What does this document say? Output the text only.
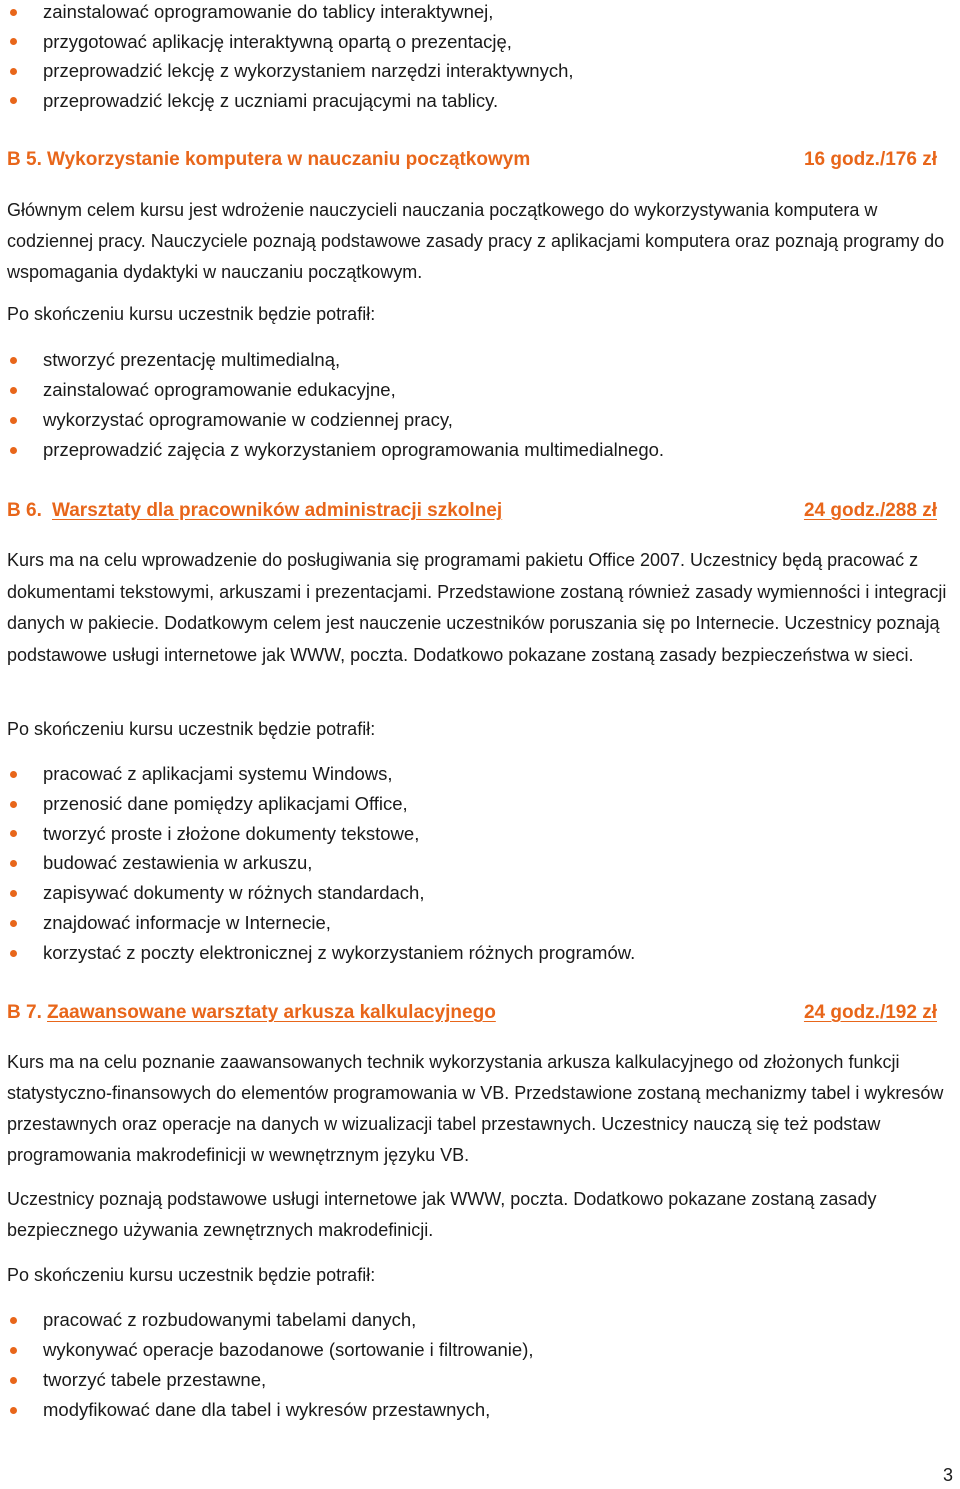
zainstalować oprogramowanie do tablicy interaktywnej,
przygotować aplikację interaktywną opartą o prezentację,
przeprowadzić lekcję z wykorzystaniem narzędzi interaktywnych,
przeprowadzić lekcję z uczniami pracującymi na tablicy.
B 5. Wykorzystanie komputera w nauczaniu początkowym	16 godz./176 zł

Głównym celem kursu jest wdrożenie nauczycieli nauczania początkowego do wykorzystywania komputera w codziennej pracy. Nauczyciele poznają podstawowe zasady pracy z aplikacjami komputera oraz poznają programy do wspomagania dydaktyki w nauczaniu początkowym.

Po skończeniu kursu uczestnik będzie potrafił:

stworzyć prezentację multimedialną,
zainstalować oprogramowanie edukacyjne,
wykorzystać oprogramowanie w codziennej pracy,
przeprowadzić zajęcia z wykorzystaniem oprogramowania multimedialnego.
B 6. Warsztaty dla pracowników administracji szkolnej	24 godz./288 zł

Kurs ma na celu wprowadzenie do posługiwania się programami pakietu Office 2007. Uczestnicy będą pracować z dokumentami tekstowymi, arkuszami i prezentacjami. Przedstawione zostaną również zasady wymienności i integracji danych w pakiecie. Dodatkowym celem jest nauczenie uczestników poruszania się po Internecie. Uczestnicy poznają podstawowe usługi internetowe jak WWW, poczta. Dodatkowo pokazane zostaną zasady bezpieczeństwa w sieci.

Po skończeniu kursu uczestnik będzie potrafił:

pracować z aplikacjami systemu Windows,
przenosić dane pomiędzy aplikacjami Office,
tworzyć proste i złożone dokumenty tekstowe,
budować zestawienia w arkuszu,
zapisywać dokumenty w różnych standardach,
znajdować informacje w Internecie,
korzystać z poczty elektronicznej z wykorzystaniem różnych programów.
B 7. Zaawansowane warsztaty arkusza kalkulacyjnego	24 godz./192 zł

Kurs ma na celu poznanie zaawansowanych technik wykorzystania arkusza kalkulacyjnego od złożonych funkcji statystyczno-finansowych do elementów programowania w VB. Przedstawione zostaną mechanizmy tabel i wykresów przestawnych oraz operacje na danych w wizualizacji tabel przestawnych. Uczestnicy nauczą się też podstaw programowania makrodefinicji w wewnętrznym języku VB.

Uczestnicy poznają podstawowe usługi internetowe jak WWW, poczta. Dodatkowo pokazane zostaną zasady bezpiecznego używania zewnętrznych makrodefinicji.

Po skończeniu kursu uczestnik będzie potrafił:

pracować z rozbudowanymi tabelami danych,
wykonywać operacje bazodanowe (sortowanie i filtrowanie),
tworzyć tabele przestawne,
modyfikować dane dla tabel i wykresów przestawnych,
3
